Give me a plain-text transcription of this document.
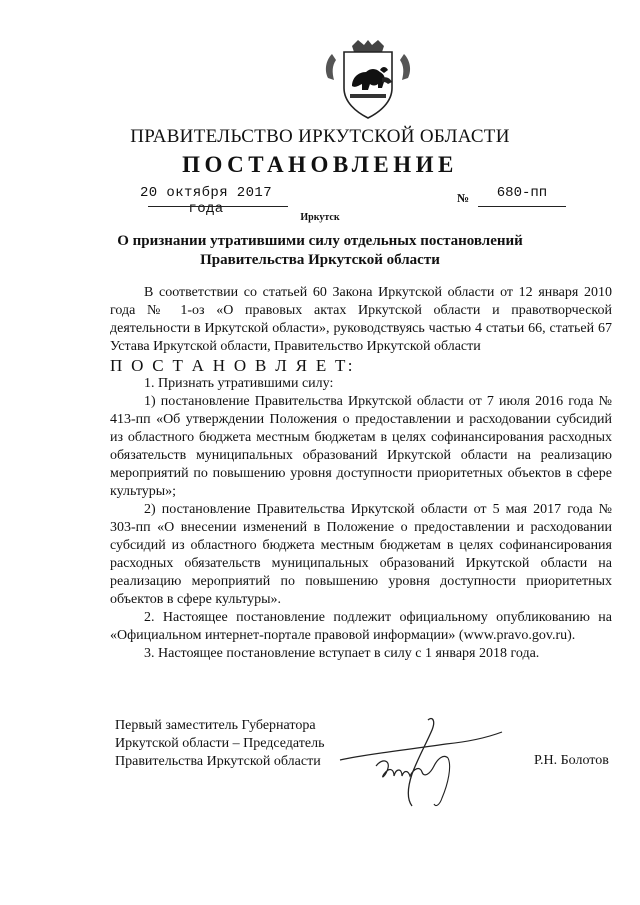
ПРАВИТЕЛЬСТВО ИРКУТСКОЙ ОБЛАСТИ
ПОСТАНОВЛЕНИЕ
20 октября 2017 года
№	680-пп
Иркутск
О признании утратившими силу отдельных постановлений
Правительства Иркутской области

В соответствии со статьей 60 Закона Иркутской области от 12 января 2010 года № 1-оз «О правовых актах Иркутской области и правотворческой деятельности в Иркутской области», руководствуясь частью 4 статьи 66, статьей 67 Устава Иркутской области, Правительство Иркутской области

П О С Т А Н О В Л Я Е Т:

1. Признать утратившими силу:

1) постановление Правительства Иркутской области от 7 июля 2016 года № 413-пп «Об утверждении Положения о предоставлении и расходовании субсидий из областного бюджета местным бюджетам в целях софинансирования расходных обязательств муниципальных образований Иркутской области на реализацию мероприятий по повышению уровня доступности приоритетных объектов в сфере культуры»;

2) постановление Правительства Иркутской области от 5 мая 2017 года № 303-пп «О внесении изменений в Положение о предоставлении и расходовании субсидий из областного бюджета местным бюджетам в целях софинансирования расходных обязательств муниципальных образований Иркутской области на реализацию мероприятий по повышению уровня доступности приоритетных объектов в сфере культуры».

2. Настоящее постановление подлежит официальному опубликованию на «Официальном интернет-портале правовой информации» (www.pravo.gov.ru).

3. Настоящее постановление вступает в силу с 1 января 2018 года.

Первый заместитель Губернатора
Иркутской области – Председатель
Правительства Иркутской области	Р.Н. Болотов
